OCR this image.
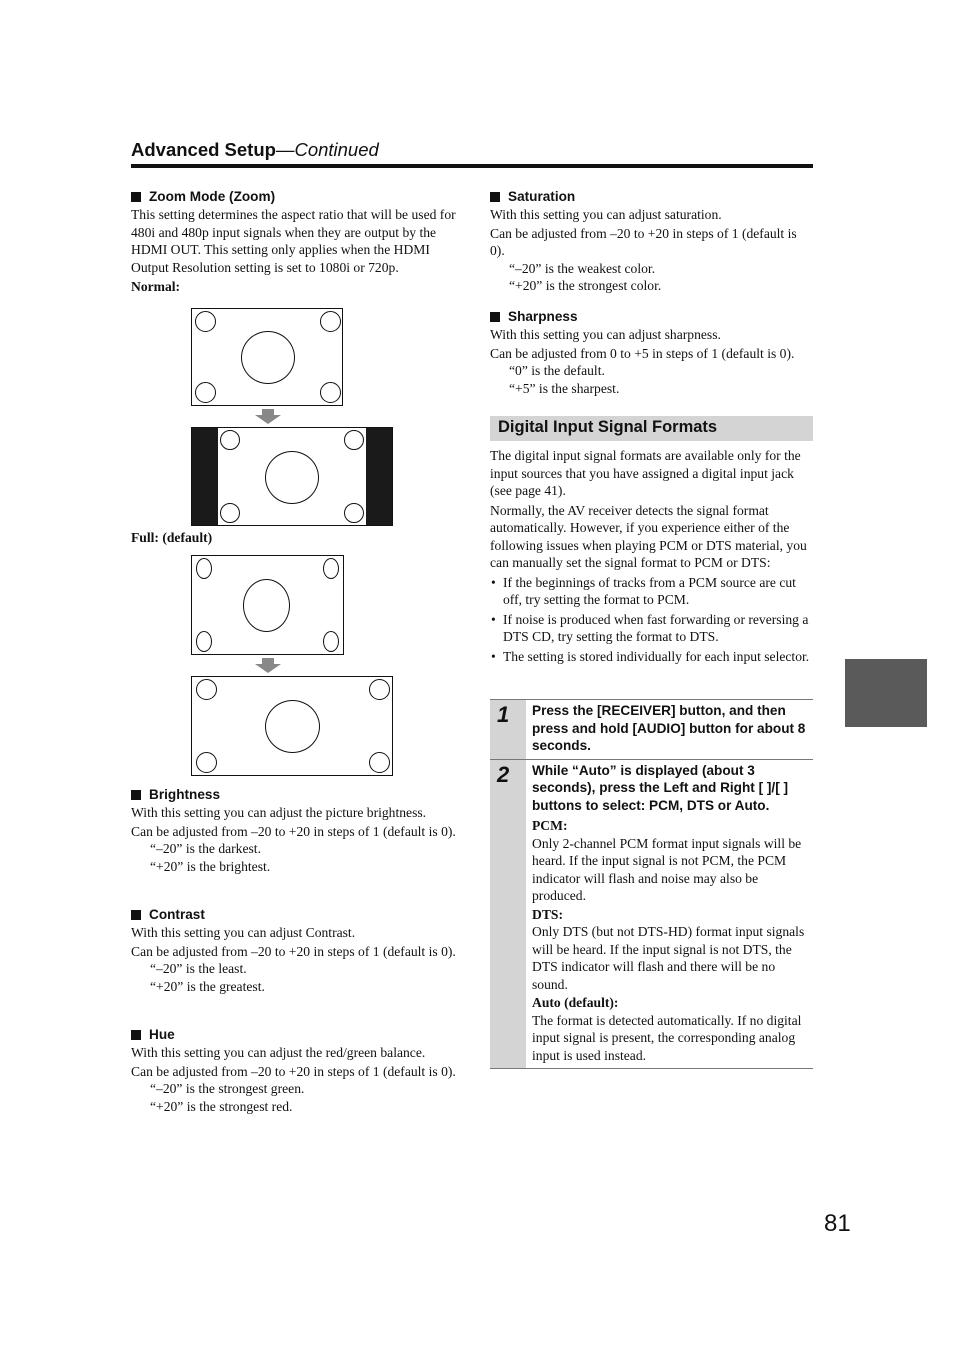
Advanced Setup—Continued
Zoom Mode (Zoom)

This setting determines the aspect ratio that will be used for 480i and 480p input signals when they are output by the HDMI OUT. This setting only applies when the HDMI Output Resolution setting is set to 1080i or 720p.

Normal:

Full: (default)

Brightness

With this setting you can adjust the picture brightness.

Can be adjusted from –20 to +20 in steps of 1 (default is 0).

“–20” is the darkest.

“+20” is the brightest.

Contrast

With this setting you can adjust Contrast.

Can be adjusted from –20 to +20 in steps of 1 (default is 0).

“–20” is the least.

“+20” is the greatest.

Hue

With this setting you can adjust the red/green balance.

Can be adjusted from –20 to +20 in steps of 1 (default is 0).

“–20” is the strongest green.

“+20” is the strongest red.

Saturation

With this setting you can adjust saturation.

Can be adjusted from –20 to +20 in steps of 1 (default is 0).

“–20” is the weakest color.

“+20” is the strongest color.

Sharpness

With this setting you can adjust sharpness.

Can be adjusted from 0 to +5 in steps of 1 (default is 0).

“0” is the default.

“+5” is the sharpest.

Digital Input Signal Formats

The digital input signal formats are available only for the input sources that you have assigned a digital input jack (see page 41).

Normally, the AV receiver detects the signal format automatically. However, if you experience either of the following issues when playing PCM or DTS material, you can manually set the signal format to PCM or DTS:

• If the beginnings of tracks from a PCM source are cut off, try setting the format to PCM.
• If noise is produced when fast forwarding or reversing a DTS CD, try setting the format to DTS.
• The setting is stored individually for each input selector.
1 Press the [RECEIVER] button, and then press and hold [AUDIO] button for about 8 seconds.
2 While “Auto” is displayed (about 3 seconds), press the Left and Right [ ]/[ ] buttons to select: PCM, DTS or Auto.
PCM:
Only 2-channel PCM format input signals will be heard. If the input signal is not PCM, the PCM indicator will flash and noise may also be produced.
DTS:
Only DTS (but not DTS-HD) format input signals will be heard. If the input signal is not DTS, the DTS indicator will flash and there will be no sound.
Auto (default):
The format is detected automatically. If no digital input signal is present, the corresponding analog input is used instead.
81
